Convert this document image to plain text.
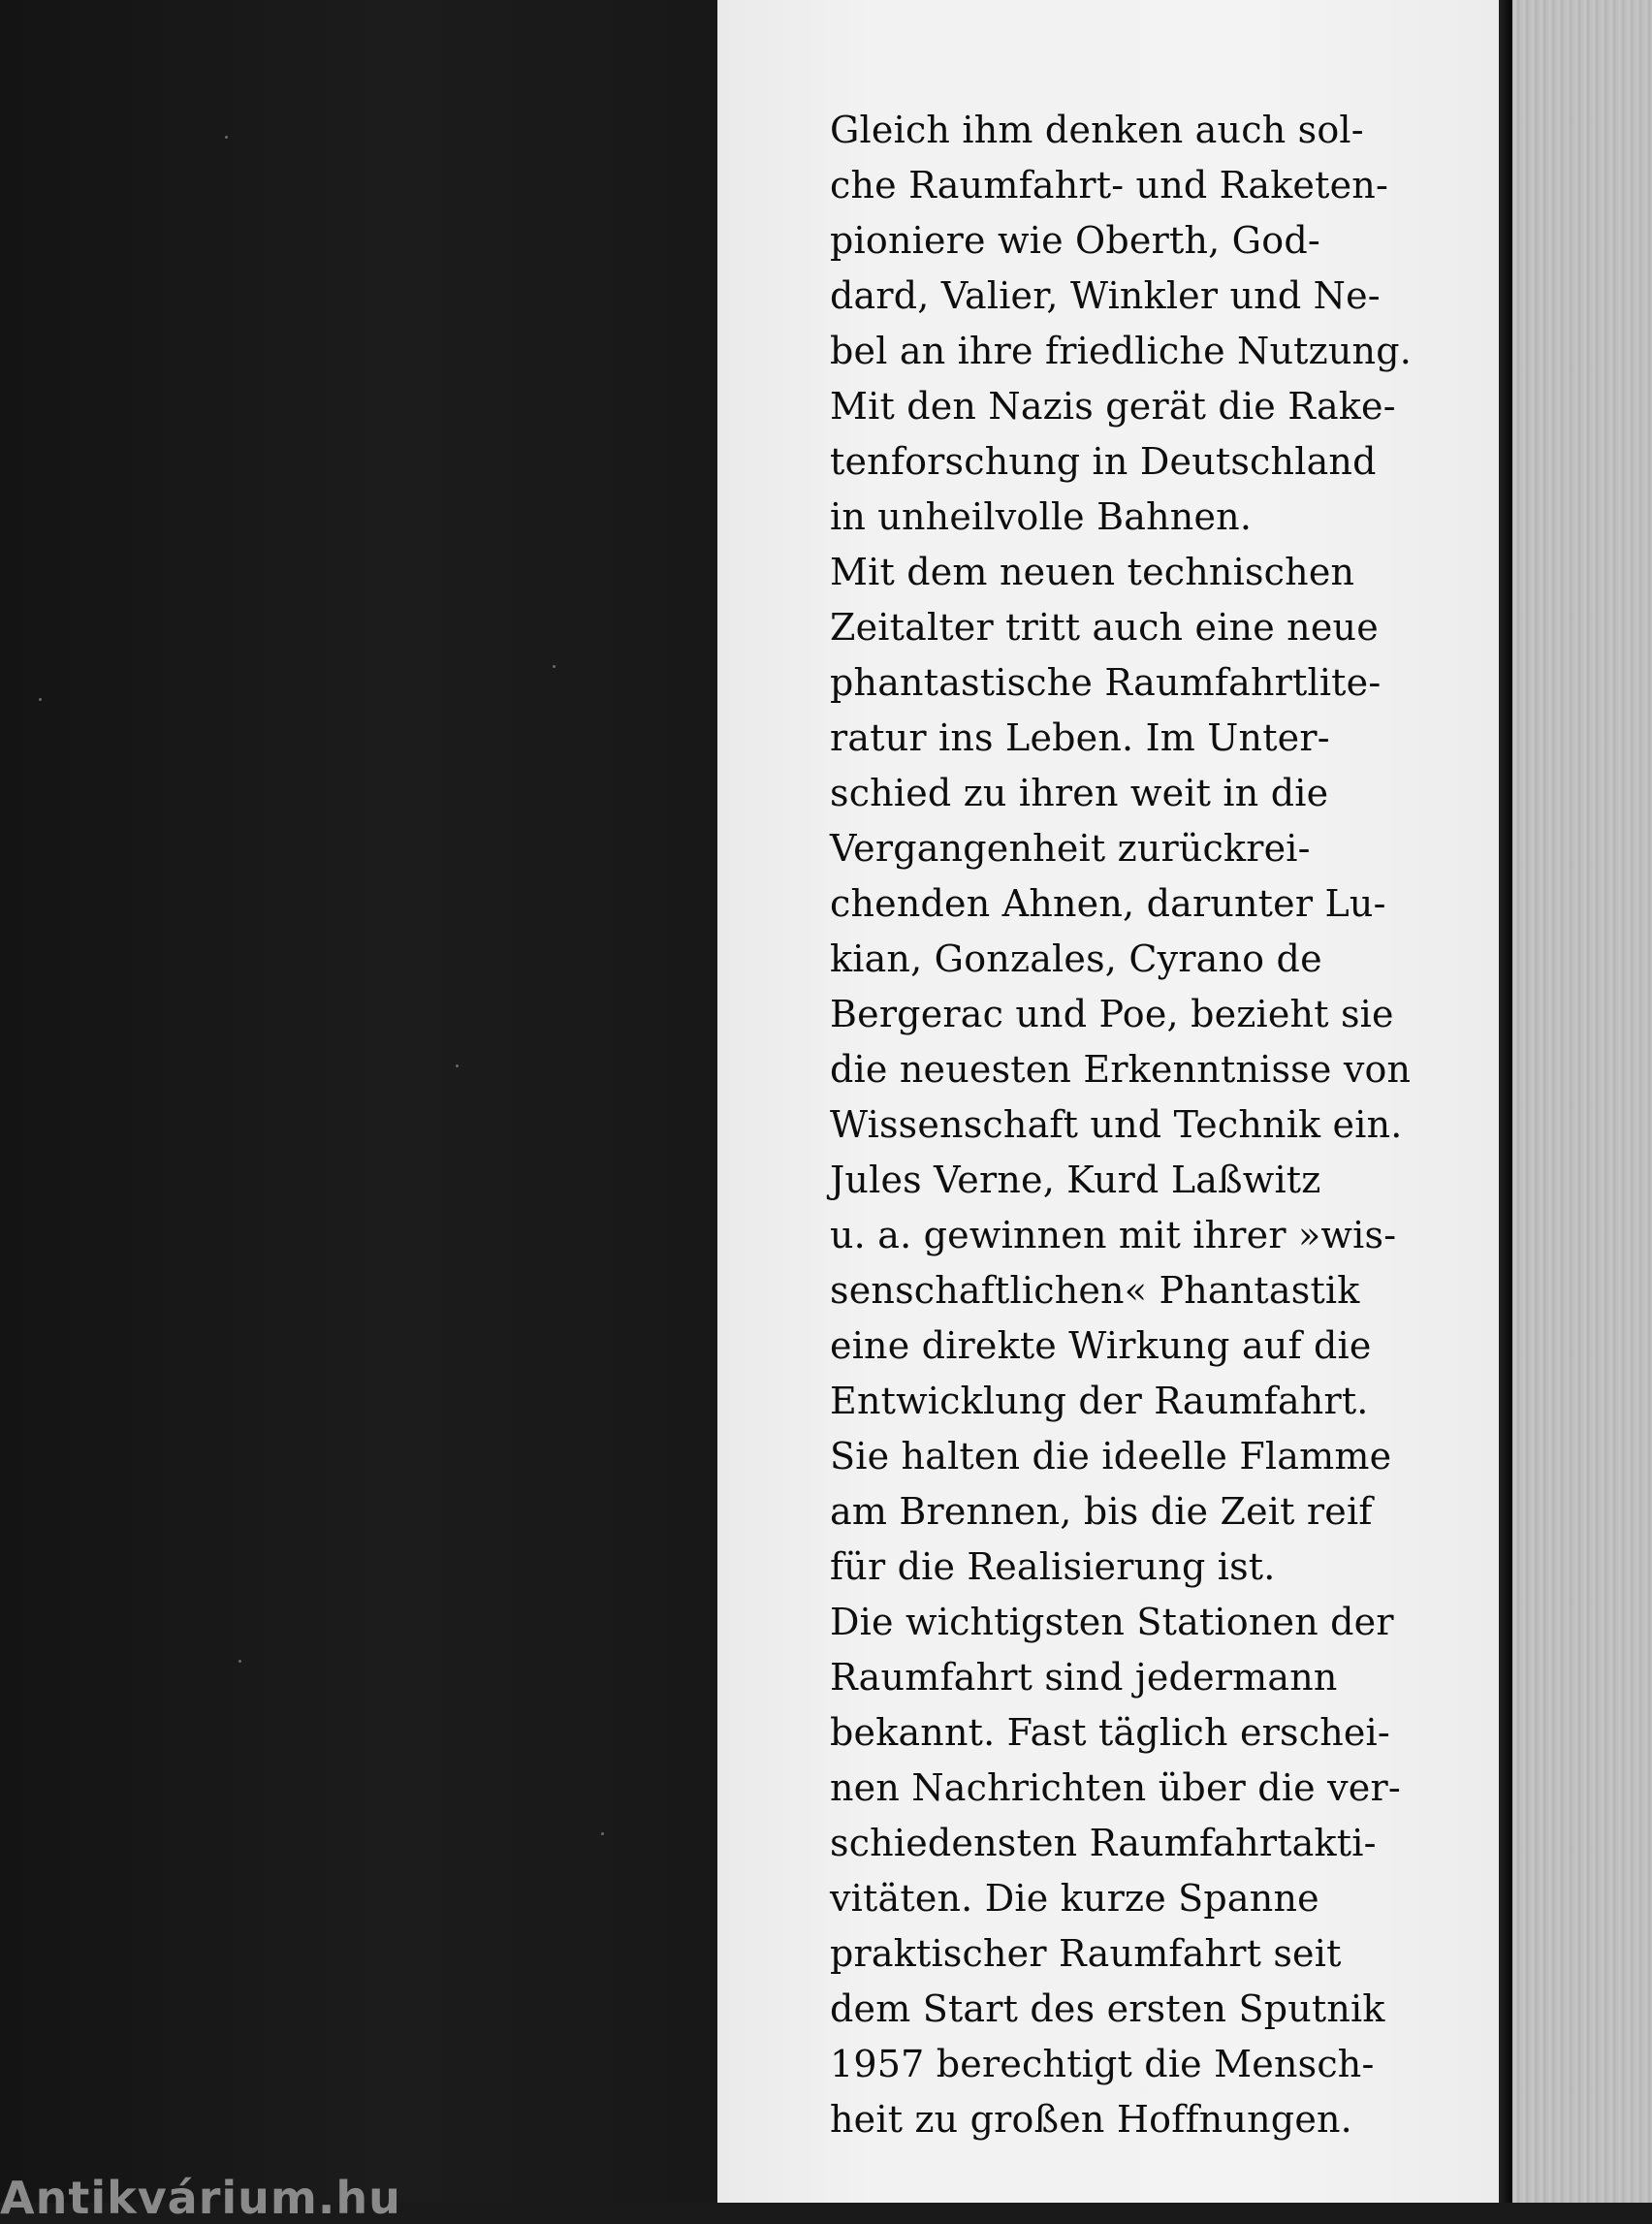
Antikvárium.hu
Gleich ihm denken auch sol-
che Raumfahrt- und Raketen-
pioniere wie Oberth, God-
dard, Valier, Winkler und Ne-
bel an ihre friedliche Nutzung.
Mit den Nazis gerät die Rake-
tenforschung in Deutschland
in unheilvolle Bahnen.
Mit dem neuen technischen
Zeitalter tritt auch eine neue
phantastische Raumfahrtlite-
ratur ins Leben. Im Unter-
schied zu ihren weit in die
Vergangenheit zurückrei-
chenden Ahnen, darunter Lu-
kian, Gonzales, Cyrano de
Bergerac und Poe, bezieht sie
die neuesten Erkenntnisse von
Wissenschaft und Technik ein.
Jules Verne, Kurd Laßwitz
u. a. gewinnen mit ihrer »wis-
senschaftlichen« Phantastik
eine direkte Wirkung auf die
Entwicklung der Raumfahrt.
Sie halten die ideelle Flamme
am Brennen, bis die Zeit reif
für die Realisierung ist.
Die wichtigsten Stationen der
Raumfahrt sind jedermann
bekannt. Fast täglich erschei-
nen Nachrichten über die ver-
schiedensten Raumfahrtakti-
vitäten. Die kurze Spanne
praktischer Raumfahrt seit
dem Start des ersten Sputnik
1957 berechtigt die Mensch-
heit zu großen Hoffnungen.
